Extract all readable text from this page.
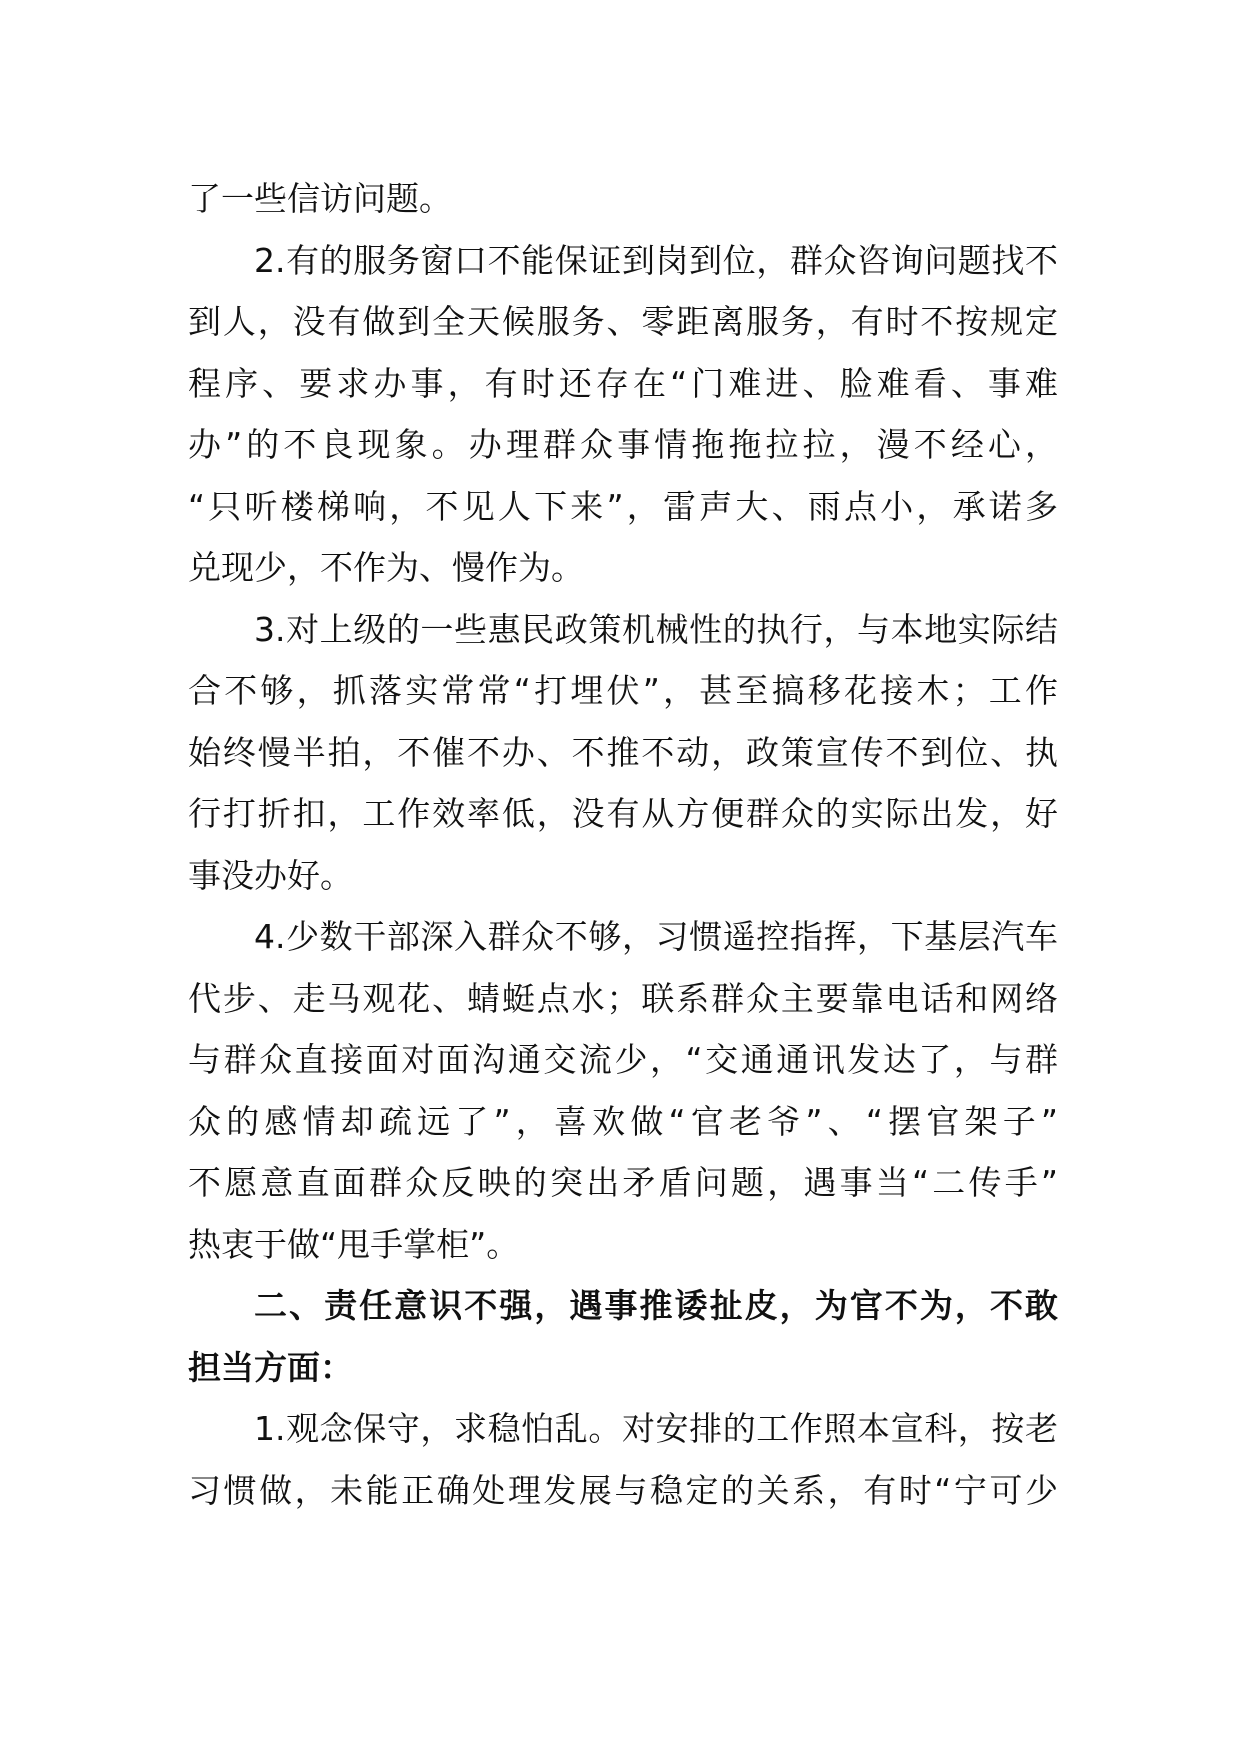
了一些信访问题。
2.有的服务窗口不能保证到岗到位，群众咨询问题找不
到人，没有做到全天候服务、零距离服务，有时不按规定
程序、要求办事，有时还存在“门难进、脸难看、事难
办”的不良现象。办理群众事情拖拖拉拉，漫不经心，
“只听楼梯响，不见人下来”，雷声大、雨点小，承诺多
兑现少，不作为、慢作为。
3.对上级的一些惠民政策机械性的执行，与本地实际结
合不够，抓落实常常“打埋伏”，甚至搞移花接木；工作
始终慢半拍，不催不办、不推不动，政策宣传不到位、执
行打折扣，工作效率低，没有从方便群众的实际出发，好
事没办好。
4.少数干部深入群众不够，习惯遥控指挥，下基层汽车
代步、走马观花、蜻蜓点水；联系群众主要靠电话和网络
与群众直接面对面沟通交流少，“交通通讯发达了，与群
众的感情却疏远了”，喜欢做“官老爷”、“摆官架子”
不愿意直面群众反映的突出矛盾问题，遇事当“二传手”
热衷于做“甩手掌柜”。
二、责任意识不强，遇事推诿扯皮，为官不为，不敢
担当方面：
1.观念保守，求稳怕乱。对安排的工作照本宣科，按老
习惯做，未能正确处理发展与稳定的关系，有时“宁可少
